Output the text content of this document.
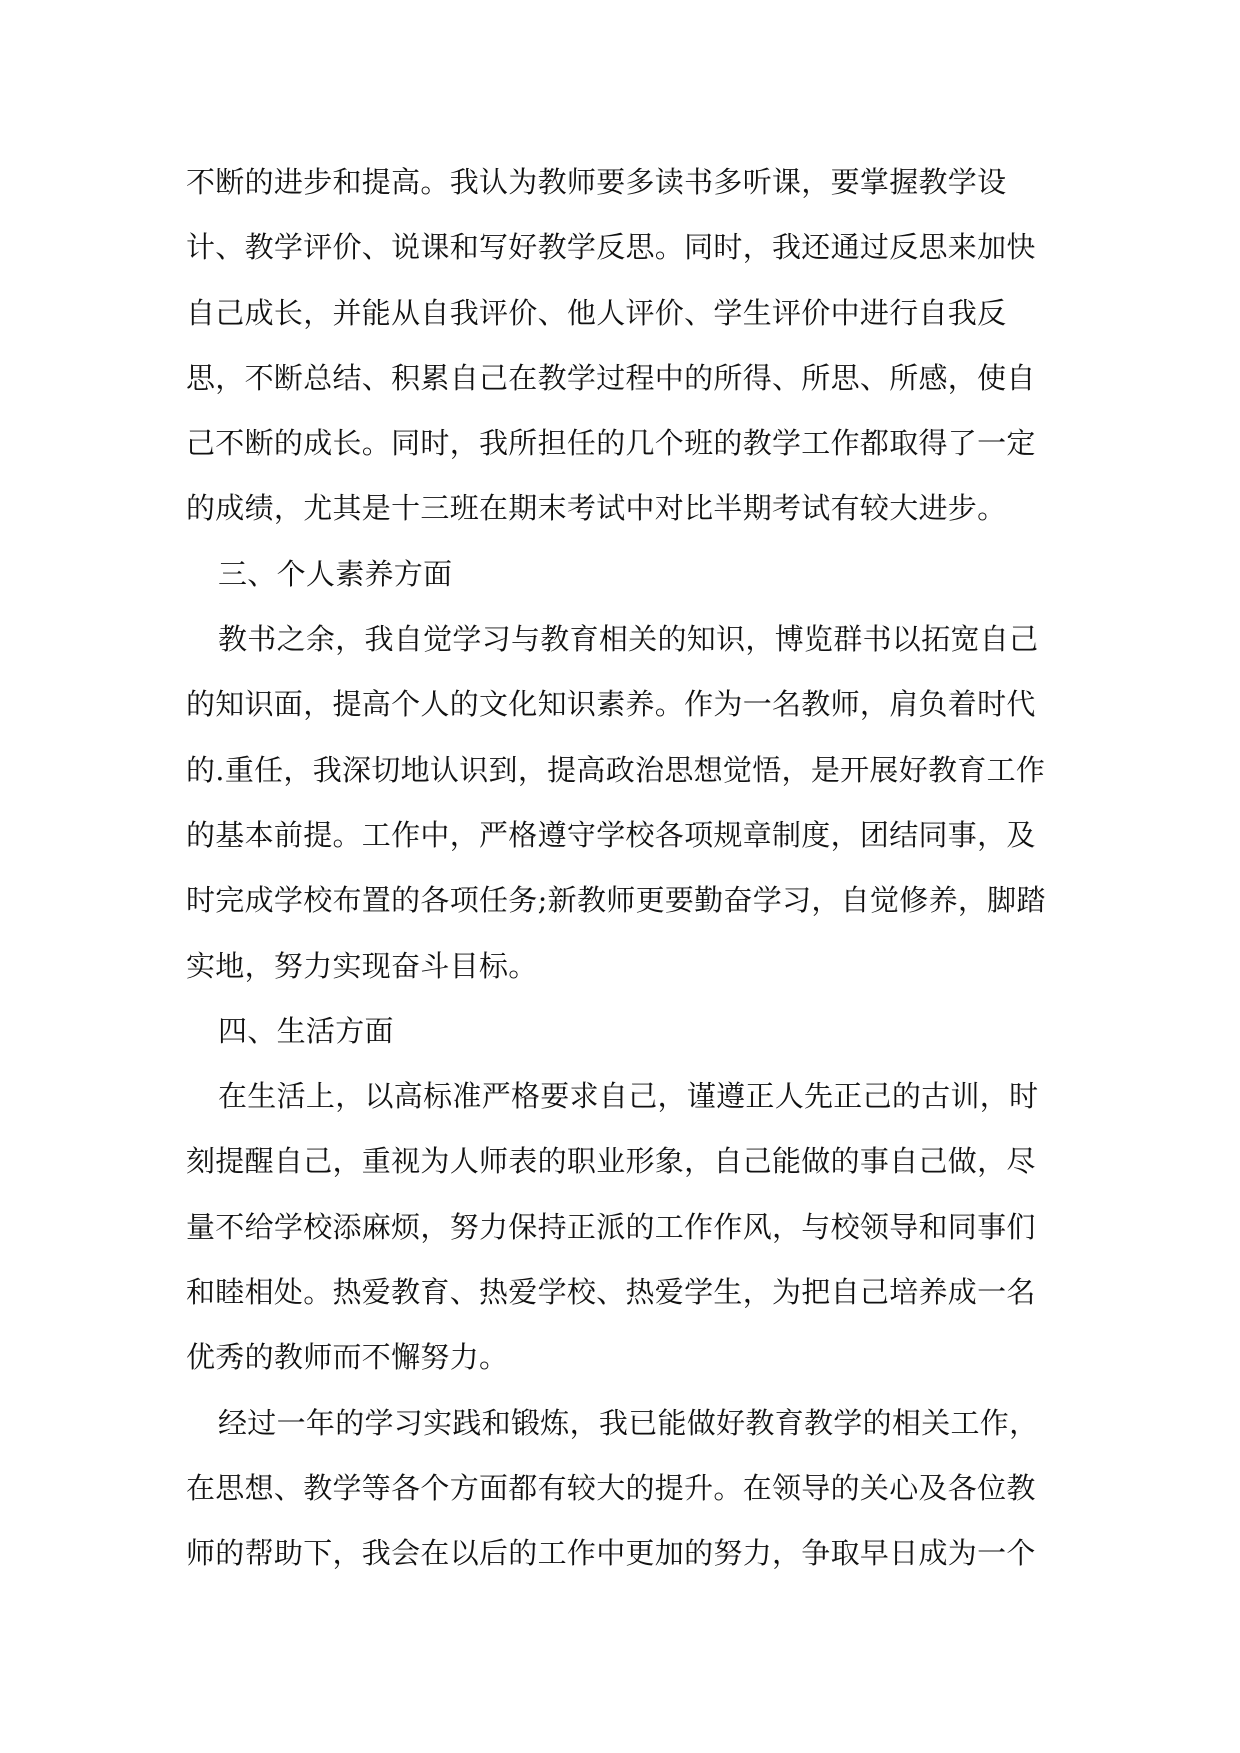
不断的进步和提高。我认为教师要多读书多听课，要掌握教学设
计、教学评价、说课和写好教学反思。同时，我还通过反思来加快
自己成长，并能从自我评价、他人评价、学生评价中进行自我反
思，不断总结、积累自己在教学过程中的所得、所思、所感，使自
己不断的成长。同时，我所担任的几个班的教学工作都取得了一定
的成绩，尤其是十三班在期末考试中对比半期考试有较大进步。
三、个人素养方面
教书之余，我自觉学习与教育相关的知识，博览群书以拓宽自己
的知识面，提高个人的文化知识素养。作为一名教师，肩负着时代
的.重任，我深切地认识到，提高政治思想觉悟，是开展好教育工作
的基本前提。工作中，严格遵守学校各项规章制度，团结同事，及
时完成学校布置的各项任务;新教师更要勤奋学习，自觉修养，脚踏
实地，努力实现奋斗目标。
四、生活方面
在生活上，以高标准严格要求自己，谨遵正人先正己的古训，时
刻提醒自己，重视为人师表的职业形象，自己能做的事自己做，尽
量不给学校添麻烦，努力保持正派的工作作风，与校领导和同事们
和睦相处。热爱教育、热爱学校、热爱学生，为把自己培养成一名
优秀的教师而不懈努力。
经过一年的学习实践和锻炼，我已能做好教育教学的相关工作，
在思想、教学等各个方面都有较大的提升。在领导的关心及各位教
师的帮助下，我会在以后的工作中更加的努力，争取早日成为一个
